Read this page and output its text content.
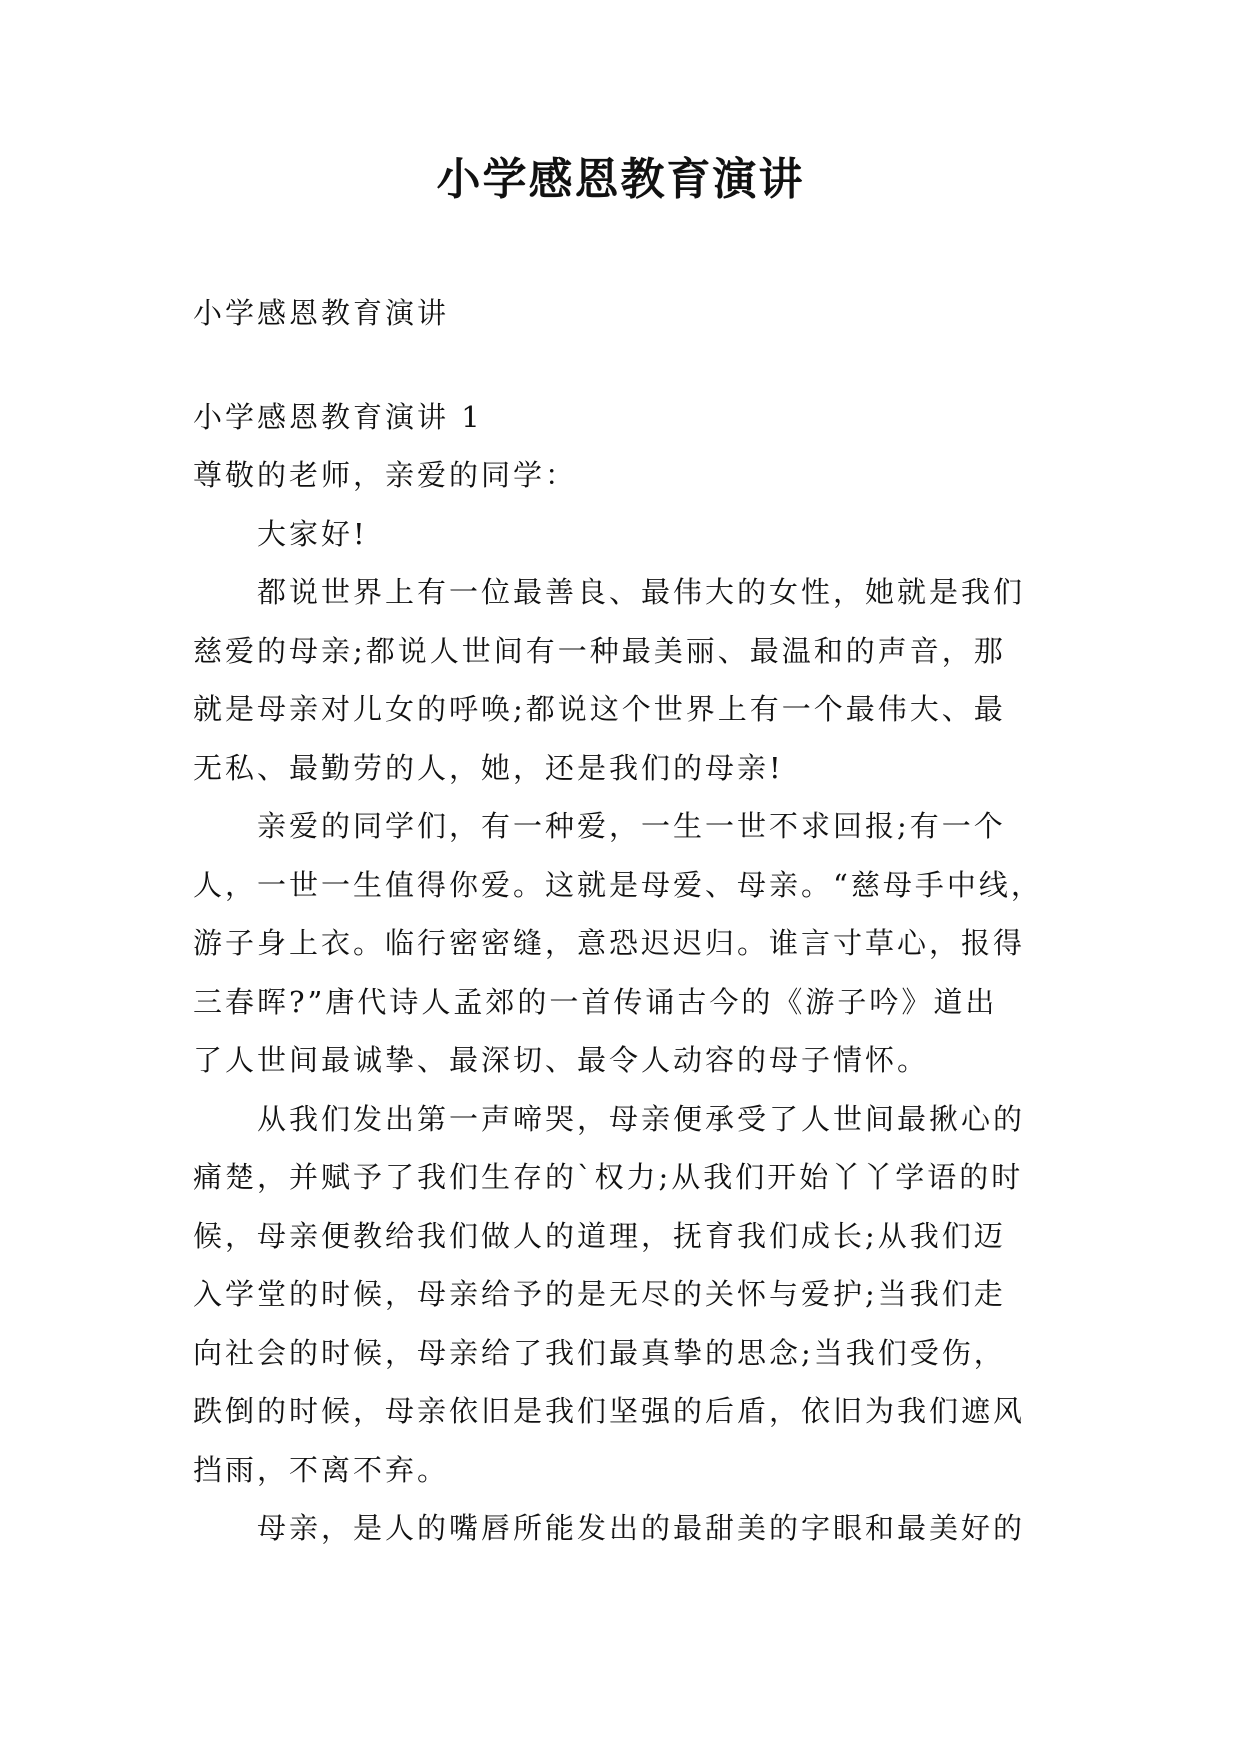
小学感恩教育演讲
小学感恩教育演讲
小学感恩教育演讲 1
尊敬的老师，亲爱的同学：
大家好!
都说世界上有一位最善良、最伟大的女性，她就是我们
慈爱的母亲;都说人世间有一种最美丽、最温和的声音，那
就是母亲对儿女的呼唤;都说这个世界上有一个最伟大、最
无私、最勤劳的人，她，还是我们的母亲!
亲爱的同学们，有一种爱，一生一世不求回报;有一个
人，一世一生值得你爱。这就是母爱、母亲。“慈母手中线，
游子身上衣。临行密密缝，意恐迟迟归。谁言寸草心，报得
三春晖?”唐代诗人孟郊的一首传诵古今的《游子吟》道出
了人世间最诚挚、最深切、最令人动容的母子情怀。
从我们发出第一声啼哭，母亲便承受了人世间最揪心的
痛楚，并赋予了我们生存的`权力;从我们开始丫丫学语的时
候，母亲便教给我们做人的道理，抚育我们成长;从我们迈
入学堂的时候，母亲给予的是无尽的关怀与爱护;当我们走
向社会的时候，母亲给了我们最真挚的思念;当我们受伤，
跌倒的时候，母亲依旧是我们坚强的后盾，依旧为我们遮风
挡雨，不离不弃。
母亲，是人的嘴唇所能发出的最甜美的字眼和最美好的
